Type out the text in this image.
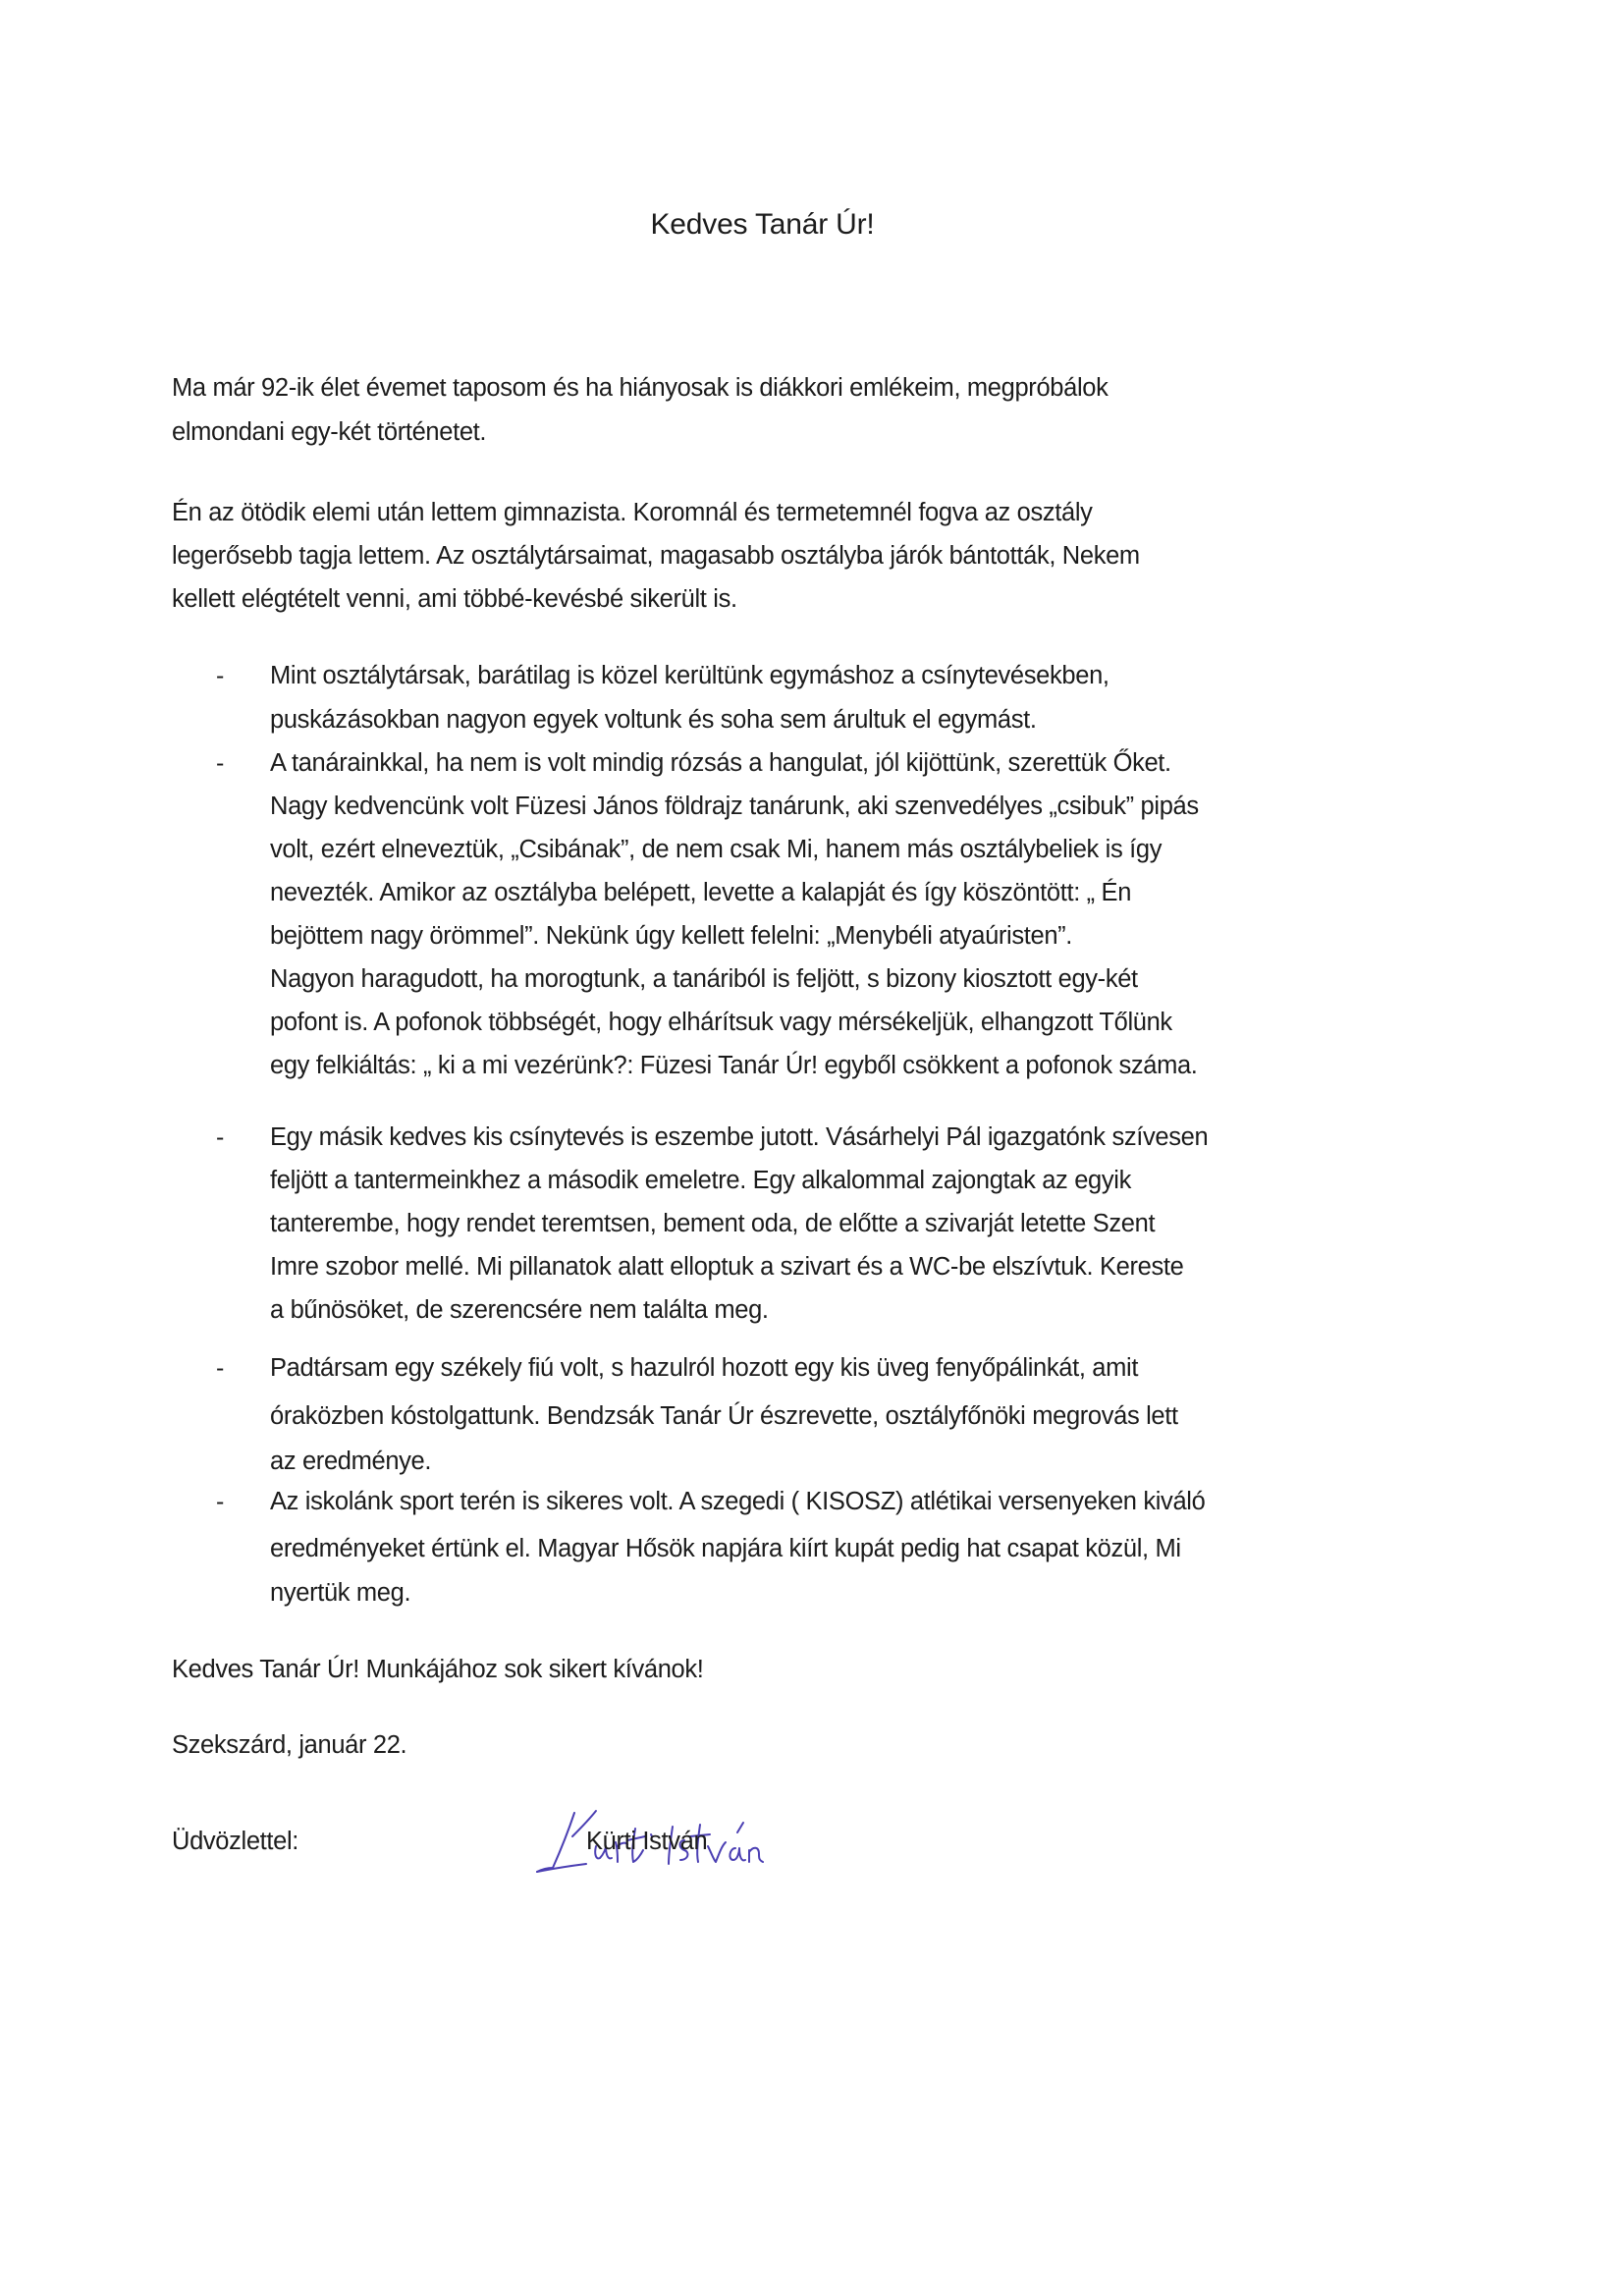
Kedves Tanár Úr!
Ma már 92-ik élet évemet taposom és ha hiányosak is diákkori emlékeim, megpróbálok
elmondani egy-két történetet.
Én az ötödik elemi után lettem gimnazista. Koromnál és termetemnél fogva az osztály
legerősebb tagja lettem. Az osztálytársaimat, magasabb osztályba járók bántották, Nekem
kellett elégtételt venni, ami többé-kevésbé sikerült is.
- Mint osztálytársak, barátilag is közel kerültünk egymáshoz a csínytevésekben,
puskázásokban nagyon egyek voltunk és soha sem árultuk el egymást.
- A tanárainkkal, ha nem is volt mindig rózsás a hangulat, jól kijöttünk, szerettük Őket.
Nagy kedvencünk volt Füzesi János földrajz tanárunk, aki szenvedélyes „csibuk” pipás
volt, ezért elneveztük, „Csibának”, de nem csak Mi, hanem más osztálybeliek is így
nevezték. Amikor az osztályba belépett, levette a kalapját és így köszöntött: „ Én
bejöttem nagy örömmel”. Nekünk úgy kellett felelni: „Menybéli atyaúristen”.
Nagyon haragudott, ha morogtunk, a tanáriból is feljött, s bizony kiosztott egy-két
pofont is. A pofonok többségét, hogy elhárítsuk vagy mérsékeljük, elhangzott Tőlünk
egy felkiáltás: „ ki a mi vezérünk?: Füzesi Tanár Úr! egyből csökkent a pofonok száma.
- Egy másik kedves kis csínytevés is eszembe jutott. Vásárhelyi Pál igazgatónk szívesen
feljött a tantermeinkhez a második emeletre. Egy alkalommal zajongtak az egyik
tanterembe, hogy rendet teremtsen, bement oda, de előtte a szivarját letette Szent
Imre szobor mellé. Mi pillanatok alatt elloptuk a szivart és a WC-be elszívtuk. Kereste
a bűnösöket, de szerencsére nem találta meg.
- Padtársam egy székely fiú volt, s hazulról hozott egy kis üveg fenyőpálinkát, amit
óraközben kóstolgattunk. Bendzsák Tanár Úr észrevette, osztályfőnöki megrovás lett
az eredménye.
- Az iskolánk sport terén is sikeres volt. A szegedi ( KISOSZ) atlétikai versenyeken kiváló
eredményeket értünk el. Magyar Hősök napjára kiírt kupát pedig hat csapat közül, Mi
nyertük meg.
Kedves Tanár Úr! Munkájához sok sikert kívánok!
Szekszárd, január 22.
Üdvözlettel:	Kürti István
